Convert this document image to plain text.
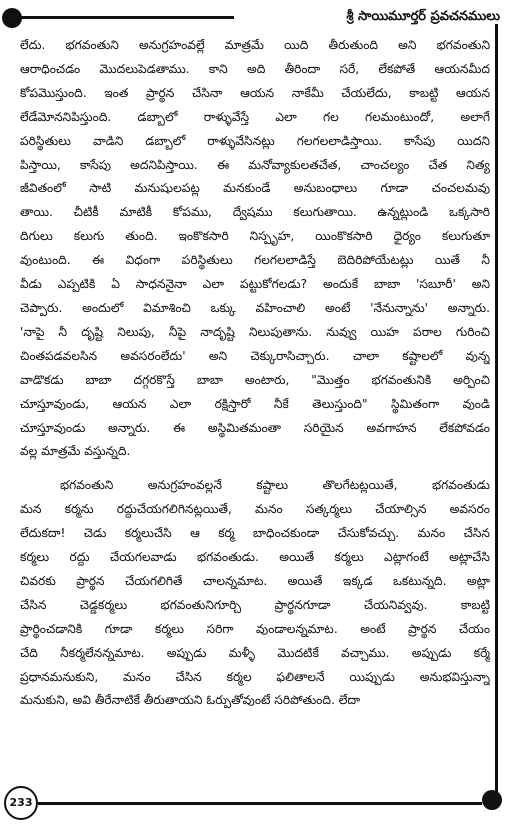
శ్రీ సాయిమూర్తర్ ప్రవచనములు
లేదు. భగవంతుని అనుగ్రహంవల్లే మాత్రమే యిది తీరుతుంది అని భగవంతుని
ఆరాధించడం మొదలుపెడతాము. కాని అది తీరిందా సరే, లేకపోతే ఆయనమీద
కోపమొస్తుంది. ఇంత ప్రార్థన చేసినా ఆయన నాకేమీ చేయలేదు, కాబట్టి ఆయన
లేడేమోననిపిస్తుంది. డబ్బాలో రాళ్ళువేస్తే ఎలా గల గలమంటుందో, అలాగే
పరిస్థితులు వాడిని డబ్బాలో రాళ్ళువేసినట్లు గలగలలాడిస్తాయి. కాసేపు యిదని
పిస్తాయి, కాసేపు అదనిపిస్తాయి. ఈ మనోవ్యాకులతచేత, చాంచల్యం చేత నిత్య
జీవితంలో సాటి మనుషులపట్ల మనకుండే అనుబంధాలు గూడా చంచలమవు
తాయి. చీటికీ మాటికీ కోపము, ద్వేషము కలుగుతాయి. ఉన్నట్లుండి ఒక్కసారి
దిగులు కలుగు తుంది. ఇంకొకసారి నిస్పృహ, యింకొకసారి ధైర్యం కలుగుతూ
వుంటుంది. ఈ విధంగా పరిస్థితులు గలగలలాడిస్తే బెదిరిపోయేటట్లు యితే నీ
వీడు ఎప్పటికి ఏ సాధననైనా ఎలా పట్టుకోగలడు? అందుకే బాబా 'సబూరీ' అని
చెప్పారు. అందులో విమాశించి ఒక్కు వహించాలి అంటే 'నేనున్నాను' అన్నారు.
'నాపై నీ దృష్టి నిలుపు, నీపై నాదృష్టి నిలుపుతాను. నువ్వు యిహ పరాల గురించి
చింతపడవలసిన అవసరంలేదు' అని చెక్కురాసిచ్చారు. చాలా కష్టాలలో వున్న
వాడొకడు బాబా దగ్గరకొస్తే బాబా అంటారు, "మొత్తం భగవంతునికి అర్పించి
చూస్తూవుండు, ఆయన ఎలా రక్షిస్తారో నీకే తెలుస్తుంది" స్థిమితంగా వుండి
చూస్తూవుండు అన్నారు. ఈ అస్థిమితమంతా సరియైన అవగాహన లేకపోవడం
వల్ల మాత్రమే వస్తున్నది.
భగవంతుని అనుగ్రహంవల్లనే కష్టాలు తొలగేటట్లయితే, భగవంతుడు
మన కర్మను రద్దుచేయగలిగినట్లయితే, మనం సత్కర్మలు చేయాల్సిన అవసరం
లేదుకదా! చెడు కర్మలుచేసి ఆ కర్మ బాధించకుండా చేసుకోవచ్చు. మనం చేసిన
కర్మలు రద్దు చేయగలవాడు భగవంతుడు. అయితే కర్మలు ఎట్లాగంటే అట్లాచేసి
చివరకు ప్రార్థన చేయగలిగితే చాలన్నమాట. అయితే ఇక్కడ ఒకటున్నది. అట్లా
చేసిన చెడ్డకర్మలు భగవంతునిగూర్చి ప్రార్థనగూడా చేయనివ్వవు. కాబట్టి
ప్రార్థించడానికి గూడా కర్మలు సరిగా వుండాలన్నమాట. అంటే ప్రార్థన చేయం
చేది నీకర్మలేనన్నమాట. అప్పుడు మళ్ళీ మొదటికే వచ్చాము. అప్పుడు కర్మే
ప్రధానమనుకుని, మనం చేసిన కర్మల ఫలితాలనే యిప్పుడు అనుభవిస్తున్నా
మనుకుని, అవి తీరేనాటికే తీరుతాయని ఓర్పుతోవుంటే సరిపోతుంది. లేదా
233
